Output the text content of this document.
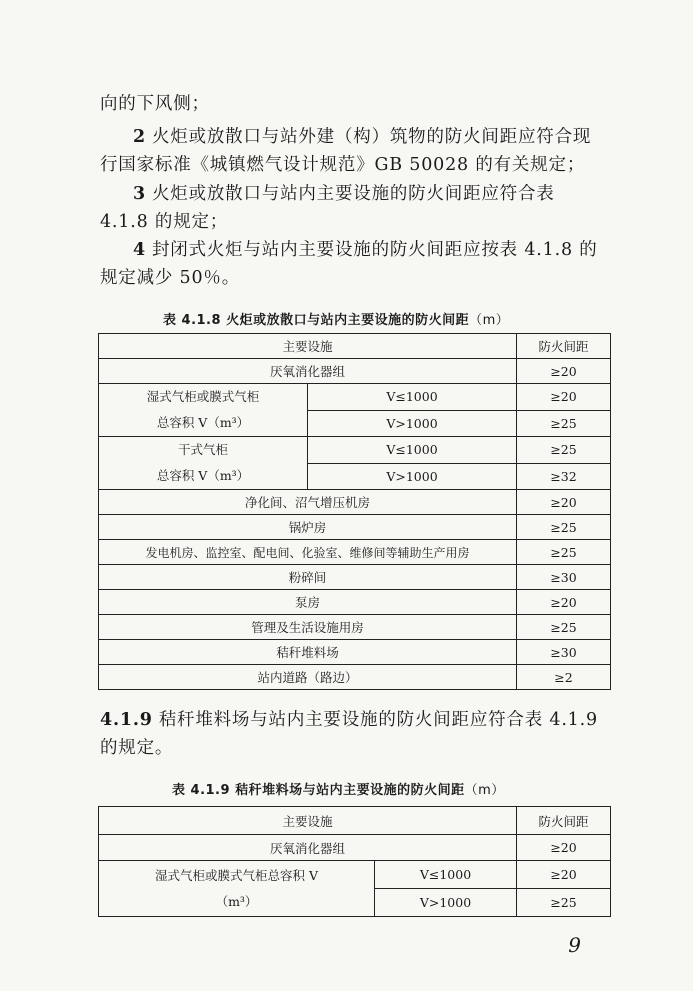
向的下风侧；
2 火炬或放散口与站外建（构）筑物的防火间距应符合现
行国家标准《城镇燃气设计规范》GB 50028 的有关规定；
3 火炬或放散口与站内主要设施的防火间距应符合表
4.1.8 的规定；
4 封闭式火炬与站内主要设施的防火间距应按表 4.1.8 的
规定减少 50％。
表 4.1.8 火炬或放散口与站内主要设施的防火间距（m）
主要设施		防火间距
厌氧消化器组		≥20

湿式气柜或膜式气柜
总容积 V（m³）	V≤1000	≥20
	V>1000	≥25

干式气柜
总容积 V（m³）	V≤1000	≥25
	V>1000	≥32
净化间、沼气增压机房		≥20
锅炉房		≥25
发电机房、监控室、配电间、化验室、维修间等辅助生产用房		≥25
粉碎间		≥30
泵房		≥20
管理及生活设施用房		≥25
秸秆堆料场		≥30
站内道路（路边）		≥2
4.1.9 秸秆堆料场与站内主要设施的防火间距应符合表 4.1.9
的规定。
表 4.1.9 秸秆堆料场与站内主要设施的防火间距（m）
主要设施		防火间距
厌氧消化器组		≥20

湿式气柜或膜式气柜总容积 V
（m³）	V≤1000	≥20
	V>1000	≥25
9
